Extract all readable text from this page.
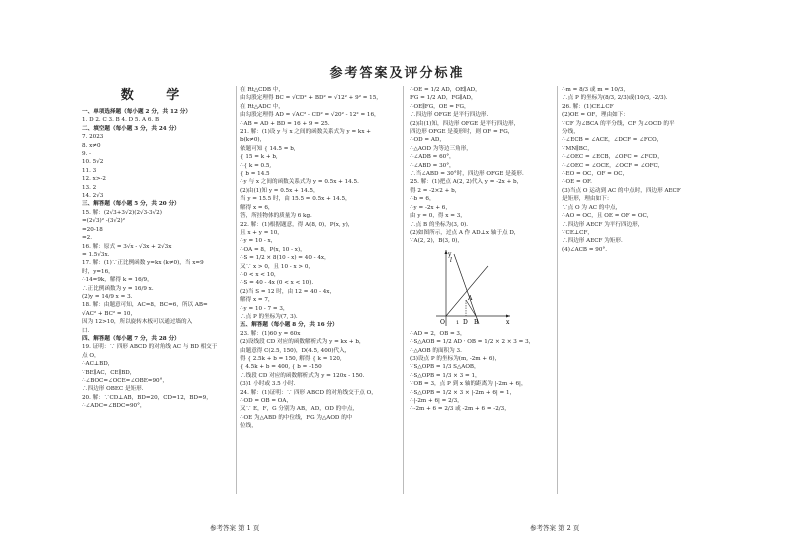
参考答案及评分标准
数 学

一、单项选择题（每小题 2 分，共 12 分）

1. D 2. C 3. B 4. D 5. A 6. B

二、填空题（每小题 3 分，共 24 分）

7. 2023

8. x≠0

9. -

10. 5√2

11. 3

12. x>-2

13. 2

14. 2√3

三、解答题（每小题 5 分，共 20 分）

15. 解：(2√3+3√2)(2√3-3√2)

=(2√3)² -(3√2)²

=20-18

=2.

16. 解：原式 = 3√x - √3x + 2√3x

= 1.5√3x.

17. 解：(1)∵正比例函数 y=kx (k≠0)，当 x=9

时，y=16，

∴14=9k，解得 k = 16/9，

∴正比例函数为 y = 16/9 x.

(2)y = 14/9 x = 3.

18. 解：由题意可知，AC=8，BC=6，所以 AB=

√AC² + BC² = 10，

因为 12>10，所以旋转木板可以通过墙的入

口.

四、解答题（每小题 7 分，共 28 分）

19. 证明：∵ 四形 ABCD 的对角线 AC 与 BD 相交于

点 O，

∴AC⊥BD，

∵BE∥AC，CE∥BD，

∴∠BOC=∠OCE=∠OBE=90°，

∴四边形 OBEC 是矩形.

20. 解：∵CD⊥AB，BD=20，CD=12，BD=9，

∴∠ADC=∠BDC=90°，

在 Rt△CDB 中，

由勾股定理得 BC = √CD² + BD² = √12² + 9² = 15，

在 Rt△ADC 中，

由勾股定理得 AD = √AC² - CD² = √20² - 12² = 16，

∴AB = AD + BD = 16 + 9 = 25.

21. 解：(1)设 y 与 x 之间的函数关系式为 y = kx +

b(k≠0)，

依题可知 { 14.5 = b,

{ 15 = k + b,

∴{ k = 0.5,

{ b = 14.5

∴y 与 x 之间的函数关系式为 y = 0.5x + 14.5.

(2)由(1)知 y = 0.5x + 14.5，

当 y = 15.5 时，由 15.5 = 0.5x + 14.5，

解得 x = 6，

答，所挂物体的质量为 6 kg.

22. 解：(1)根据题意，得 A(8, 0)，P(x, y)，

且 x + y = 10，

∴y = 10 - x，

∴OA = 8，P(x, 10 - x)，

∴S = 1/2 × 8(10 - x) = 40 - 4x，

又∵ x > 0，且 10 - x > 0，

∴0 < x < 10，

∴S = 40 - 4x (0 < x < 10).

(2)当 S = 12 时，由 12 = 40 - 4x，

解得 x = 7，

∴y = 10 - 7 = 3，

∴点 P 的坐标为(7, 3).

五、解答题（每小题 8 分，共 16 分）

23. 解：(1)60 y = 60x

(2)设线段 CD 对应的函数解析式为 y = kx + b，

由题意得 C(2.5, 150)，D(4.5, 400)代入，

得 { 2.5k + b = 150, 解得 { k = 120,

{ 4.5k + b = 400, { b = -150

∴线段 CD 对应的函数解析式为 y = 120x - 150.

(3)1 小时或 3.5 小时.

24. 解：(1)证明：∵ 四形 ABCD 的对角线交于点 O，

∴OD = OB = OA，

又∵ E，F，G 分别为 AB，AD，OD 的中点，

∴OE 为△ABD 的中位线，FG 为△AOD 的中

位线，

∴OE = 1/2 AD，OE∥AD，

FG = 1/2 AD，FG∥AD，

∴OE∥FG，OE = FG，

∴四边形 OFGE 是平行四边形.

(2)由(1)知，四边形 OFGE 是平行四边形，

四边形 OFGE 是菱形时，则 OF = FG，

∴OD = AD，

∴△AOD 为等边三角形，

∴∠ADB = 60°，

∴∠ABD = 30°，

∴当∠ABD = 30°时，四边形 OFGE 是菱形.

25. 解：(1)把点 A(2, 2)代入 y = -2x + b，

得 2 = -2×2 + b，

∴b = 6，

∴y = -2x + 6，

由 y = 0，得 x = 3，

∴点 B 的坐标为(3, 0).

(2)如图所示，过点 A 作 AD⊥x 轴于点 D，

∵A(2, 2)，B(3, 0)，

y
x
O	D B
A
l
1

∴AD = 2，OB = 3，

∴S△AOB = 1/2 AD · OB = 1/2 × 2 × 3 = 3，

∴△AOB 的面积为 3.

(3)设点 P 的坐标为(m, -2m + 6)，

∵S△OPB = 1/3 S△AOB，

∴S△OPB = 1/3 × 3 = 1，

∵OB = 3，点 P 到 x 轴的距离为 |-2m + 6|，

∴S△OPB = 1/2 × 3 × |-2m + 6| = 1，

∴|-2m + 6| = 2/3，

∴-2m + 6 = 2/3 或 -2m + 6 = -2/3，

∴m = 8/3 或 m = 10/3，

∴点 P 的坐标为(8/3, 2/3)或(10/3, -2/3).

26. 解：(1)CE⊥CF

(2)OE = OF，理由如下：

∵CF 为∠BCA 的平分线，CF 为∠OCD 的平

分线，

∴∠ECB = ∠ACE，∠DCF = ∠FCO，

∵MN∥BC，

∴∠OEC = ∠ECB，∠OFC = ∠FCD，

∴∠OEC = ∠OCE，∠OCF = ∠OFC，

∴EO = OC，OF = OC，

∴OE = OF.

(3)当点 O 运动到 AC 的中点时，四边形 AECF

是矩形，理由如下：

∵点 O 为 AC 的中点，

∴AO = OC，且 OE = OF = OC，

∴四边形 AECF 为平行四边形，

∵CE⊥CF，

∴四边形 AECF 为矩形.

(4)∠ACB = 90°.

参考答案 第 1 页	参考答案 第 2 页
